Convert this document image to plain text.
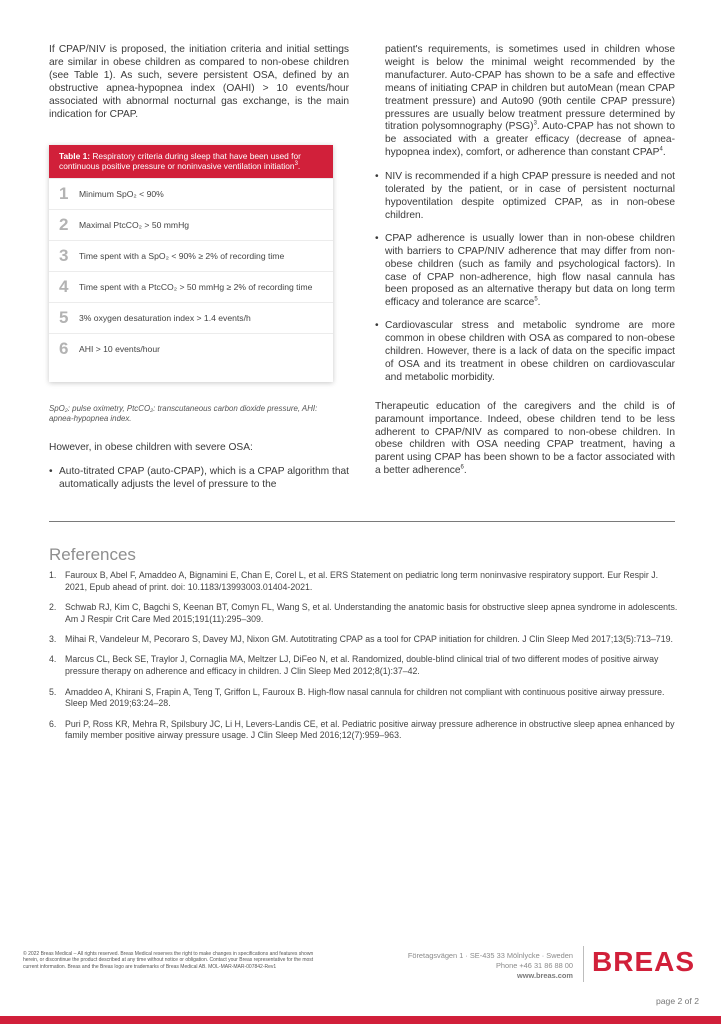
If CPAP/NIV is proposed, the initiation criteria and initial settings are similar in obese children as compared to non-obese children (see Table 1). As such, severe persistent OSA, defined by an obstructive apnea-hypopnea index (OAHI) > 10 events/hour associated with abnormal nocturnal gas exchange, is the main indication for CPAP.

Table 1: Respiratory criteria during sleep that have been used for continuous positive pressure or noninvasive ventilation initiation$^3$.
1	Minimum SpO₂ < 90%
2	Maximal PtcCO₂ > 50 mmHg
3	Time spent with a SpO₂ < 90% ≥ 2% of recording time
4	Time spent with a PtcCO₂ > 50 mmHg ≥ 2% of recording time
5	3% oxygen desaturation index > 1.4 events/h
6	AHI > 10 events/hour
SpO₂: pulse oximetry, PtcCO₂: transcutaneous carbon dioxide pressure, AHI: apnea-hypopnea index.

However, in obese children with severe OSA:

• Auto-titrated CPAP (auto-CPAP), which is a CPAP algorithm that automatically adjusts the level of pressure to the

patient's requirements, is sometimes used in children whose weight is below the minimal weight recommended by the manufacturer. Auto-CPAP has shown to be a safe and effective means of initiating CPAP in children but autoMean (mean CPAP treatment pressure) and Auto90 (90th centile CPAP pressure) pressures are usually below treatment pressure determined by titration polysomnography (PSG)$^3$. Auto-CPAP has not shown to be associated with a greater efficacy (decrease of apnea-hypopnea index), comfort, or adherence than constant CPAP$^4$.

• NIV is recommended if a high CPAP pressure is needed and not tolerated by the patient, or in case of persistent nocturnal hypoventilation despite optimized CPAP, as in non-obese children.
• CPAP adherence is usually lower than in non-obese children with barriers to CPAP/NIV adherence that may differ from non-obese children (such as family and psychological factors). In case of CPAP non-adherence, high flow nasal cannula has been proposed as an alternative therapy but data on long term efficacy and tolerance are scarce$^5$.
• Cardiovascular stress and metabolic syndrome are more common in obese children with OSA as compared to non-obese children. However, there is a lack of data on the specific impact of OSA and its treatment in obese children on cardiovascular and metabolic morbidity.

Therapeutic education of the caregivers and the child is of paramount importance. Indeed, obese children tend to be less adherent to CPAP/NIV as compared to non-obese children. In obese children with OSA needing CPAP treatment, having a parent using CPAP has been shown to be a factor associated with a better adherence$^6$.

References
1. Fauroux B, Abel F, Amaddeo A, Bignamini E, Chan E, Corel L, et al. ERS Statement on pediatric long term noninvasive respiratory support. Eur Respir J. 2021, Epub ahead of print. doi: 10.1183/13993003.01404-2021.
2. Schwab RJ, Kim C, Bagchi S, Keenan BT, Comyn FL, Wang S, et al. Understanding the anatomic basis for obstructive sleep apnea syndrome in adolescents. Am J Respir Crit Care Med 2015;191(11):295–309.
3. Mihai R, Vandeleur M, Pecoraro S, Davey MJ, Nixon GM. Autotitrating CPAP as a tool for CPAP initiation for children. J Clin Sleep Med 2017;13(5):713–719.
4. Marcus CL, Beck SE, Traylor J, Cornaglia MA, Meltzer LJ, DiFeo N, et al. Randomized, double-blind clinical trial of two different modes of positive airway pressure therapy on adherence and efficacy in children. J Clin Sleep Med 2012;8(1):37–42.
5. Amaddeo A, Khirani S, Frapin A, Teng T, Griffon L, Fauroux B. High-flow nasal cannula for children not compliant with continuous positive airway pressure. Sleep Med 2019;63:24–28.
6. Puri P, Ross KR, Mehra R, Spilsbury JC, Li H, Levers-Landis CE, et al. Pediatric positive airway pressure adherence in obstructive sleep apnea enhanced by family member positive airway pressure usage. J Clin Sleep Med 2016;12(7):959–963.
© 2022 Breas Medical – All rights reserved. Breas Medical reserves the right to make changes in specifications and features shown herein, or discontinue the product described at any time without notice or obligation. Contact your Breas representative for the most current information. Breas and the Breas logo are trademarks of Breas Medical AB. MOL-MAR-MAR-007842-Rev1
Företagsvägen 1 · SE-435 33 Mölnlycke · Sweden
Phone +46 31 86 88 00
www.breas.com BREAS
page 2 of 2
